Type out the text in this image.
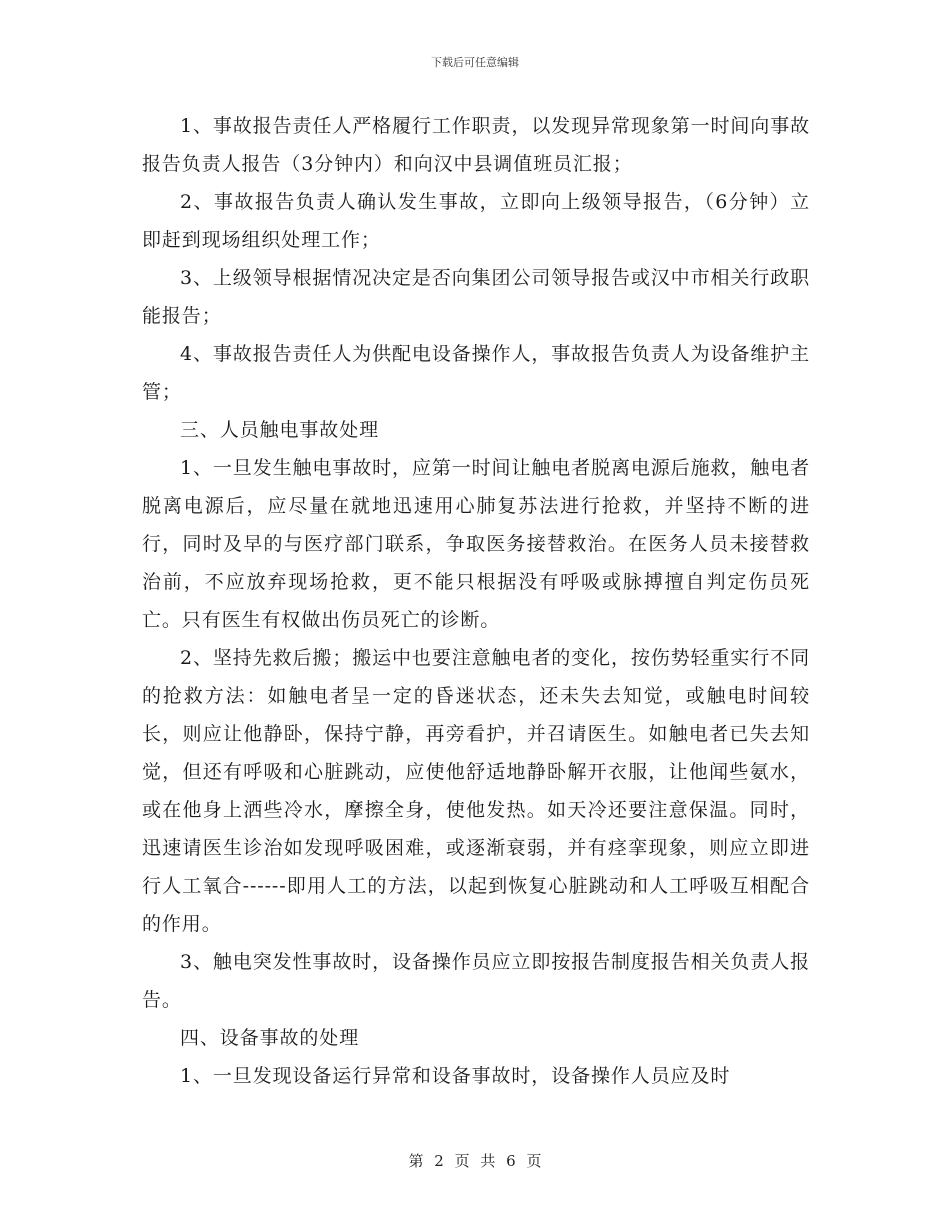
下载后可任意编辑

1、事故报告责任人严格履行工作职责，以发现异常现象第一时间向事故报告负责人报告（3分钟内）和向汉中县调值班员汇报；

2、事故报告负责人确认发生事故，立即向上级领导报告，（6分钟）立即赶到现场组织处理工作；

3、上级领导根据情况决定是否向集团公司领导报告或汉中市相关行政职能报告；

4、事故报告责任人为供配电设备操作人，事故报告负责人为设备维护主管；

三、人员触电事故处理

1、一旦发生触电事故时，应第一时间让触电者脱离电源后施救，触电者脱离电源后，应尽量在就地迅速用心肺复苏法进行抢救，并坚持不断的进行，同时及早的与医疗部门联系，争取医务接替救治。在医务人员未接替救治前，不应放弃现场抢救，更不能只根据没有呼吸或脉搏擅自判定伤员死亡。只有医生有权做出伤员死亡的诊断。

2、坚持先救后搬；搬运中也要注意触电者的变化，按伤势轻重实行不同的抢救方法：如触电者呈一定的昏迷状态，还未失去知觉，或触电时间较长，则应让他静卧，保持宁静，再旁看护，并召请医生。如触电者已失去知觉，但还有呼吸和心脏跳动，应使他舒适地静卧解开衣服，让他闻些氨水，或在他身上洒些冷水，摩擦全身，使他发热。如天冷还要注意保温。同时，迅速请医生诊治如发现呼吸困难，或逐渐衰弱，并有痉挛现象，则应立即进行人工氧合------即用人工的方法，以起到恢复心脏跳动和人工呼吸互相配合的作用。

3、触电突发性事故时，设备操作员应立即按报告制度报告相关负责人报告。

四、设备事故的处理

1、一旦发现设备运行异常和设备事故时，设备操作人员应及时

第 2 页 共 6 页
